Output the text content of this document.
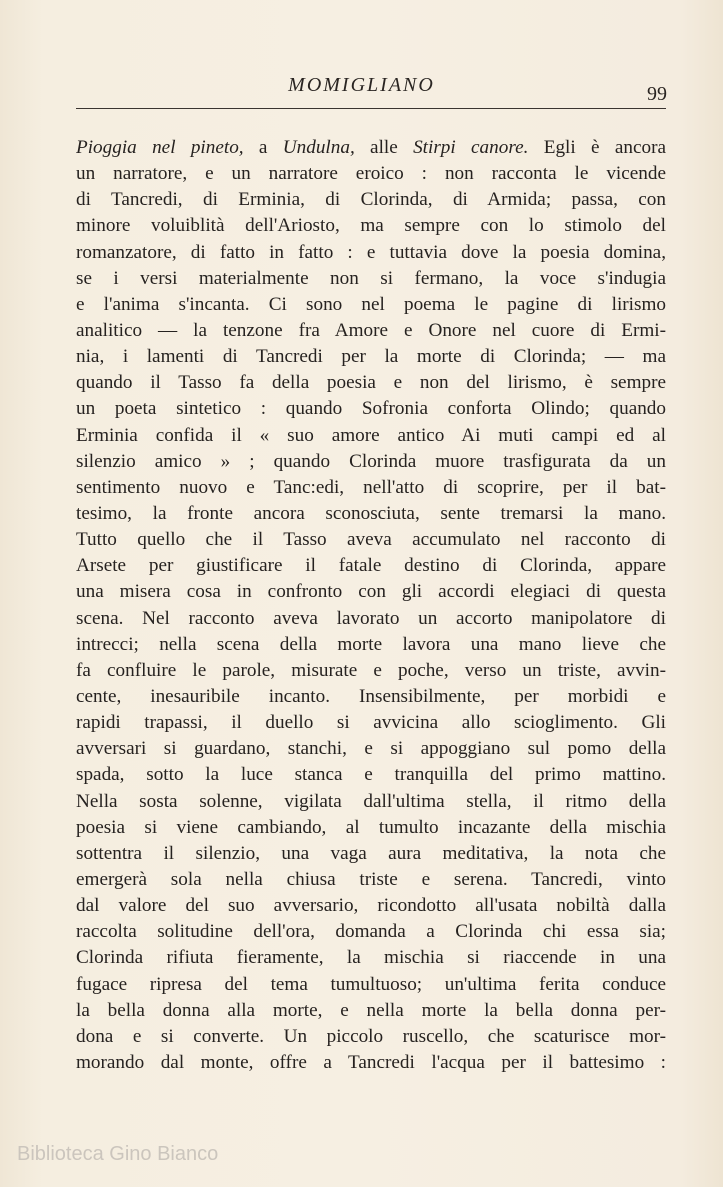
MOMIGLIANO	99
Pioggia nel pineto, a Undulna, alle Stirpi canore. Egli è ancora
un narratore, e un narratore eroico : non racconta le vicende
di Tancredi, di Erminia, di Clorinda, di Armida; passa, con
minore voluiblità dell'Ariosto, ma sempre con lo stimolo del
romanzatore, di fatto in fatto : e tuttavia dove la poesia domina,
se i versi materialmente non si fermano, la voce s'indugia
e l'anima s'incanta. Ci sono nel poema le pagine di lirismo
analitico — la tenzone fra Amore e Onore nel cuore di Ermi-
nia, i lamenti di Tancredi per la morte di Clorinda; — ma
quando il Tasso fa della poesia e non del lirismo, è sempre
un poeta sintetico : quando Sofronia conforta Olindo; quando
Erminia confida il « suo amore antico Ai muti campi ed al
silenzio amico » ; quando Clorinda muore trasfigurata da un
sentimento nuovo e Tanc:edi, nell'atto di scoprire, per il bat-
tesimo, la fronte ancora sconosciuta, sente tremarsi la mano.
Tutto quello che il Tasso aveva accumulato nel racconto di
Arsete per giustificare il fatale destino di Clorinda, appare
una misera cosa in confronto con gli accordi elegiaci di questa
scena. Nel racconto aveva lavorato un accorto manipolatore di
intrecci; nella scena della morte lavora una mano lieve che
fa confluire le parole, misurate e poche, verso un triste, avvin-
cente, inesauribile incanto. Insensibilmente, per morbidi e
rapidi trapassi, il duello si avvicina allo scioglimento. Gli
avversari si guardano, stanchi, e si appoggiano sul pomo della
spada, sotto la luce stanca e tranquilla del primo mattino.
Nella sosta solenne, vigilata dall'ultima stella, il ritmo della
poesia si viene cambiando, al tumulto incazante della mischia
sottentra il silenzio, una vaga aura meditativa, la nota che
emergerà sola nella chiusa triste e serena. Tancredi, vinto
dal valore del suo avversario, ricondotto all'usata nobiltà dalla
raccolta solitudine dell'ora, domanda a Clorinda chi essa sia;
Clorinda rifiuta fieramente, la mischia si riaccende in una
fugace ripresa del tema tumultuoso; un'ultima ferita conduce
la bella donna alla morte, e nella morte la bella donna per-
dona e si converte. Un piccolo ruscello, che scaturisce mor-
morando dal monte, offre a Tancredi l'acqua per il battesimo :
Biblioteca Gino Bianco
